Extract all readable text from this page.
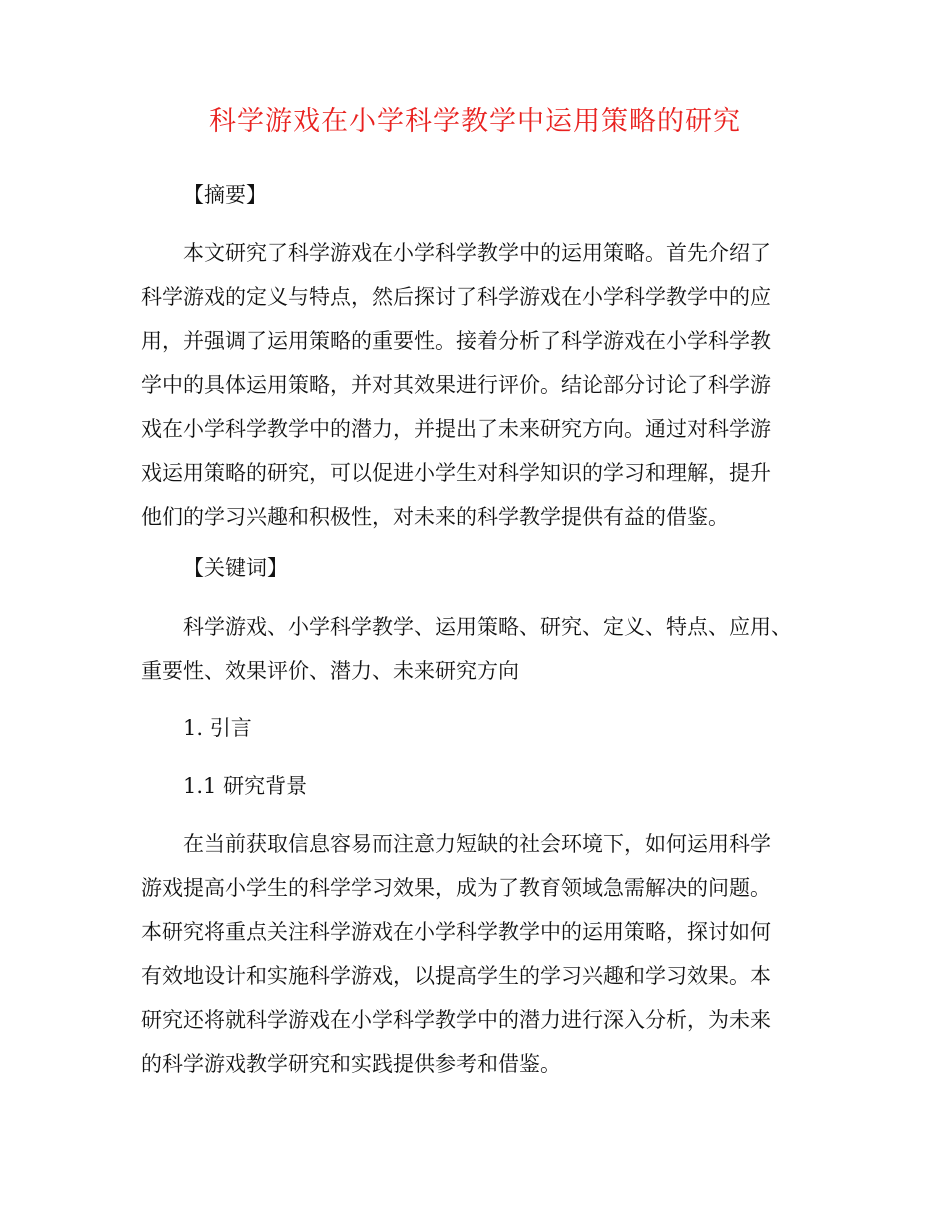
科学游戏在小学科学教学中运用策略的研究

【摘要】

本文研究了科学游戏在小学科学教学中的运用策略。首先介绍了
科学游戏的定义与特点，然后探讨了科学游戏在小学科学教学中的应
用，并强调了运用策略的重要性。接着分析了科学游戏在小学科学教
学中的具体运用策略，并对其效果进行评价。结论部分讨论了科学游
戏在小学科学教学中的潜力，并提出了未来研究方向。通过对科学游
戏运用策略的研究，可以促进小学生对科学知识的学习和理解，提升
他们的学习兴趣和积极性，对未来的科学教学提供有益的借鉴。

【关键词】

科学游戏、小学科学教学、运用策略、研究、定义、特点、应用、
重要性、效果评价、潜力、未来研究方向

1. 引言

1.1 研究背景

在当前获取信息容易而注意力短缺的社会环境下，如何运用科学
游戏提高小学生的科学学习效果，成为了教育领域急需解决的问题。
本研究将重点关注科学游戏在小学科学教学中的运用策略，探讨如何
有效地设计和实施科学游戏，以提高学生的学习兴趣和学习效果。本
研究还将就科学游戏在小学科学教学中的潜力进行深入分析，为未来
的科学游戏教学研究和实践提供参考和借鉴。
